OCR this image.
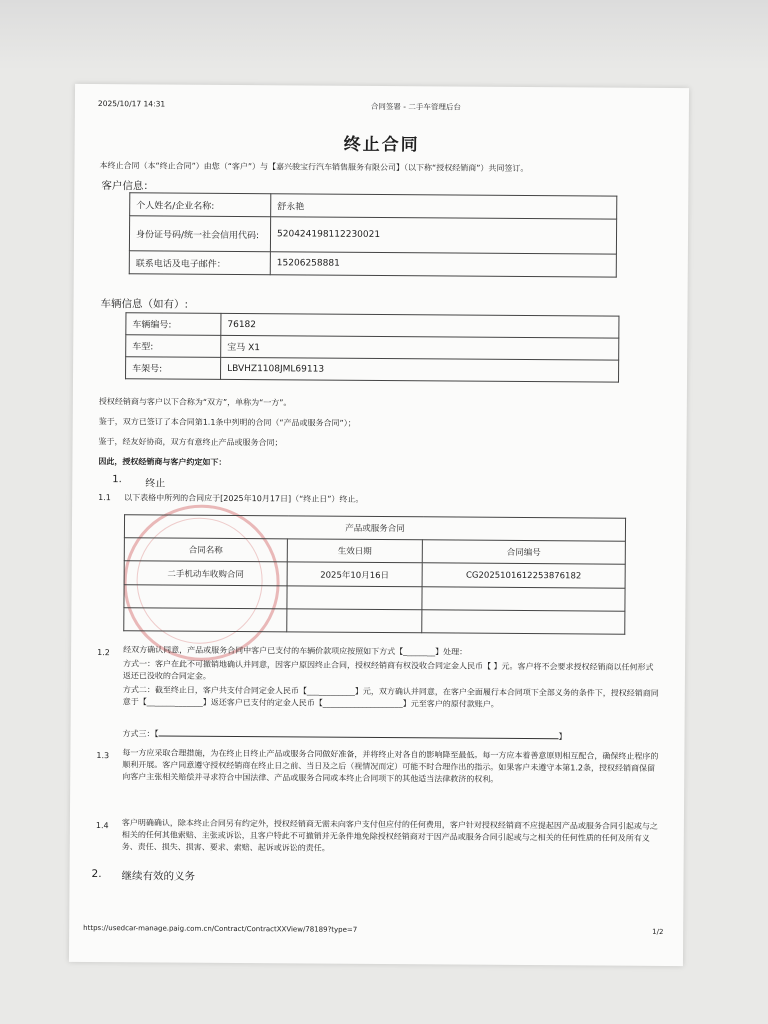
2025/10/17 14:31	合同签署 - 二手车管理后台
终止合同
本终止合同（本“终止合同”）由您（“客户”）与【嘉兴骏宝行汽车销售服务有限公司】（以下称“授权经销商”）共同签订。
客户信息：
个人姓名/企业名称:	舒永艳
身份证号码/统一社会信用代码:	520424198112230021
联系电话及电子邮件：	15206258881
车辆信息（如有）:
车辆编号:	76182
车型:	宝马 X1
车架号:	LBVHZ1108JML69113
授权经销商与客户以下合称为“双方”，单称为“一方”。
鉴于，双方已签订了本合同第1.1条中列明的合同（“产品或服务合同”）；
鉴于，经友好协商，双方有意终止产品或服务合同；
因此，授权经销商与客户约定如下：
1. 终止
1.1 以下表格中所列的合同应于[2025年10月17日]（“终止日”）终止。
产品或服务合同		
合同名称	生效日期	合同编号
二手机动车收购合同	2025年10月16日	CG20251016122538761​82

1.2 经双方确认同意，产品或服务合同中客户已支付的车辆价款项应按照如下方式【________】处理：
方式一：客户在此不可撤销地确认并同意，因客户原因终止合同，授权经销商有权没收合同定金人民币【 】元。客户将不会要求授权经销商以任何形式返还已没收的合同定金。
方式二：截至终止日，客户共支付合同定金人民币【____________】元，双方确认并同意，在客户全面履行本合同项下全部义务的条件下，授权经销商同意于【______________】返还客户已支付的定金人民币【____________________】元至客户的原付款账户。
方式三：【	】
1.3 每一方应采取合理措施，为在终止日终止产品或服务合同做好准备，并将终止对各自的影响降至最低。每一方应本着善意原则相互配合，确保终止程序的顺利开展。客户同意遵守授权经销商在终止日之前、当日及之后（视情况而定）可能不时合理作出的指示。如果客户未遵守本第1.2条，授权经销商保留向客户主张相关赔偿并寻求符合中国法律、产品或服务合同或本终止合同项下的其他适当法律救济的权利。
1.4 客户明确确认，除本终止合同另有约定外，授权经销商无需未向客户支付但应付的任何费用，客户针对授权经销商不应提起因产品或服务合同引起或与之相关的任何其他索赔、主张或诉讼，且客户特此不可撤销并无条件地免除授权经销商对于因产品或服务合同引起或与之相关的任何性质的任何及所有义务、责任、损失、损害、要求、索赔、起诉或诉讼的责任。
2. 继续有效的义务
https://usedcar-manage.paig.com.cn/Contract/ContractXXView/78189?type=7	1/2
